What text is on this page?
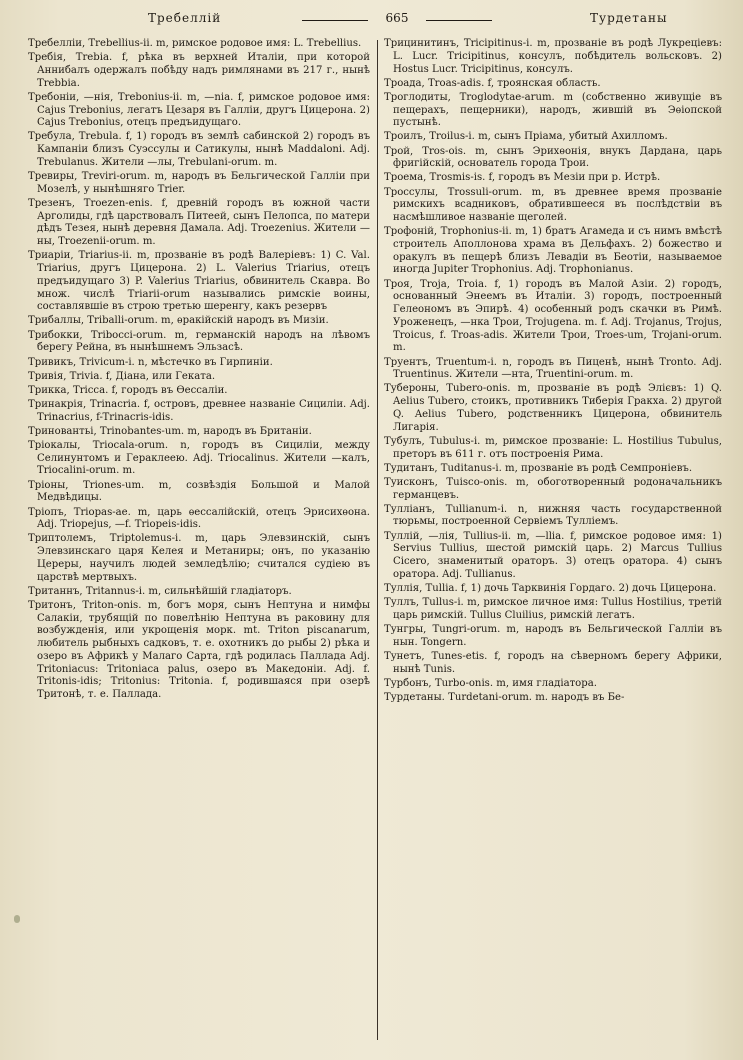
Требеллій	665	Турдетаны

Требелліи, Trebellius-ii. m, римское родовое имя: L. Trebellius.

Требія, Trebia. f, рѣка въ верхней Италіи, при которой Аннибалъ одержалъ побѣду надъ римлянами въ 217 г., нынѣ Trebbia.

Требоніи, —нія, Trebonius-ii. m, —nia. f, римское родовое имя: Cajus Trebonius, легатъ Цезаря въ Галліи, другъ Цицерона. 2) Cajus Trebonius, отецъ предъидущаго.

Требула, Trebula. f, 1) городъ въ землѣ сабинской 2) городъ въ Кампаніи близъ Суэссулы и Сатикулы, нынѣ Maddaloni. Adj. Trebulanus. Жители —лы, Trebulani-orum. m.

Тревиры, Treviri-orum. m, народъ въ Бельгической Галліи при Мозелѣ, у нынѣшняго Trier.

Трезенъ, Troezen-enis. f, древній городъ въ южной части Арголиды, гдѣ царствовалъ Питеей, сынъ Пелопса, по матери дѣдъ Тезея, нынѣ деревня Дамала. Adj. Troezenius. Жители —ны, Troezenii-orum. m.

Триаріи, Triarius-ii. m, прозваніе въ родѣ Валеріевъ: 1) C. Val. Triarius, другъ Цицерона. 2) L. Valerius Triarius, отецъ предъидущаго 3) P. Valerius Triarius, обвинитель Скавра. Во множ. числѣ Triarii-orum назывались римскіе воины, составлявшіе въ строю третью шеренгу, какъ резервъ

Трибаллы, Triballi-orum. m, ѳракійскій народъ въ Мизіи.

Трибокки, Tribocci-orum. m, германскій народъ на лѣвомъ берегу Рейна, въ нынѣшнемъ Эльзасѣ.

Тривикъ, Trivicum-i. n, мѣстечко въ Гирпиніи.

Тривія, Trivia. f, Діана, или Геката.

Трикка, Tricca. f, городъ въ Ѳессаліи.

Тринакрія, Trinacria. f, островъ, древнее названіе Сициліи. Adj. Trinacrius, f-Trinacris-idis.

Триновантьі, Trinobantes-um. m, народъ въ Британіи.

Тріокалы, Triocala-orum. n, городъ въ Сициліи, между Селинунтомъ и Гераклеею. Adj. Triocalinus. Жители —калъ, Triocalini-orum. m.

Тріоны, Triones-um. m, созвѣздія Большой и Малой Медвѣдицы.

Тріопъ, Triopas-ae. m, царь ѳессалійскій, отецъ Эрисихѳона. Adj. Triopejus, —f. Triopeis-idis.

Триптолемъ, Triptolemus-i. m, царь Элевзинскій, сынъ Элевзинскаго царя Келея и Метаниры; онъ, по указанію Цереры, научилъ людей земледѣлію; считался судіею въ царствѣ мертвыхъ.

Тританнъ, Tritannus-i. m, сильнѣйшій гладіаторъ.

Тритонъ, Triton-onis. m, богъ моря, сынъ Нептуна и нимфы Салакіи, трубящій по повелѣнію Нептуна въ раковину для возбужденія, или укрощенія морк. mt. Triton piscanarum, любитель рыбныхъ садковъ, т. е. охотникъ до рыбы 2) рѣка и озеро въ Африкѣ у Малаго Сарта, гдѣ родилась Паллада Adj. Tritoniacus: Tritoniaca palus, озеро въ Македоніи. Adj. f. Tritonis-idis; Tritonius: Tritonia. f, родившаяся при озерѣ Тритонѣ, т. е. Паллада.

Трицинитинъ, Tricipitinus-i. m, прозваніе въ родѣ Лукреціевъ: L. Lucr. Tricipitinus, консулъ, побѣдитель вольсковъ. 2) Hostus Lucr. Tricipitinus, консулъ.

Троада, Troas-adis. f, троянская область.

Троглодиты, Troglodytae-arum. m (собственно живущіе въ пещерахъ, пещерники), народъ, жившій въ Эѳіопской пустынѣ.

Троилъ, Troilus-i. m, сынъ Пріама, убитый Ахилломъ.

Трой, Tros-ois. m, сынъ Эрихѳонія, внукъ Дардана, царь фригійскій, основатель города Трои.

Троема, Trosmis-is. f, городъ въ Мезіи при р. Истрѣ.

Троссулы, Trossuli-orum. m, въ древнее время прозваніе римскихъ всадниковъ, обратившееся въ послѣдствіи въ насмѣшливое названіе щеголей.

Трофоній, Trophonius-ii. m, 1) братъ Агамеда и съ нимъ вмѣстѣ строитель Аполлонова храма въ Дельфахъ. 2) божество и оракулъ въ пещерѣ близъ Левадіи въ Беотіи, называемое иногда Jupiter Trophonius. Adj. Trophonianus.

Троя, Troja, Troia. f, 1) городъ въ Малой Азіи. 2) городъ, основанный Энеемъ въ Италіи. 3) городъ, построенный Гелеономъ въ Эпирѣ. 4) особенный родъ скачки въ Римѣ. Уроженецъ, —нка Трои, Trojugena. m. f. Adj. Trojanus, Trojus, Troicus, f. Troas-adis. Жители Трои, Troes-um, Trojani-orum. m.

Труентъ, Truentum-i. n, городъ въ Пиценѣ, нынѣ Tronto. Adj. Truentinus. Жители —нта, Truentini-orum. m.

Тубероны, Tubero-onis. m, прозваніе въ родѣ Элієвъ: 1) Q. Aelius Tubero, стоикъ, противникъ Тиберія Гракха. 2) другой Q. Aelius Tubero, родственникъ Цицерона, обвинитель Лигарія.

Тубулъ, Tubulus-i. m, римское прозваніе: L. Hostilius Tubulus, преторъ въ 611 г. отъ построенія Рима.

Тудитанъ, Tuditanus-i. m, прозваніе въ родѣ Семпроніевъ.

Туисконъ, Tuisco-onis. m, обоготворенный родоначальникъ германцевъ.

Тулліанъ, Tullianum-i. n, нижняя часть государственной тюрьмы, построенной Сервіемъ Тулліемъ.

Туллій, —лія, Tullius-ii. m, —llia. f, римское родовое имя: 1) Servius Tullius, шестой римскій царь. 2) Marcus Tullius Cicero, знаменитый ораторъ. 3) отецъ оратора. 4) сынъ оратора. Adj. Tullianus.

Туллія, Tullia. f, 1) дочь Тарквинія Гордаго. 2) дочь Цицерона.

Туллъ, Tullus-i. m, римское личное имя: Tullus Hostilius, третій царь римскій. Tullus Cluilius, римскій легатъ.

Тунгры, Tungri-orum. m, народъ въ Бельгической Галліи въ нын. Tongern.

Тунетъ, Tunes-etis. f, городъ на сѣверномъ берегу Африки, нынѣ Tunis.

Турбонъ, Turbo-onis. m, имя гладіатора.

Турдетаны. Turdetani-orum. m. народъ въ Бе-
